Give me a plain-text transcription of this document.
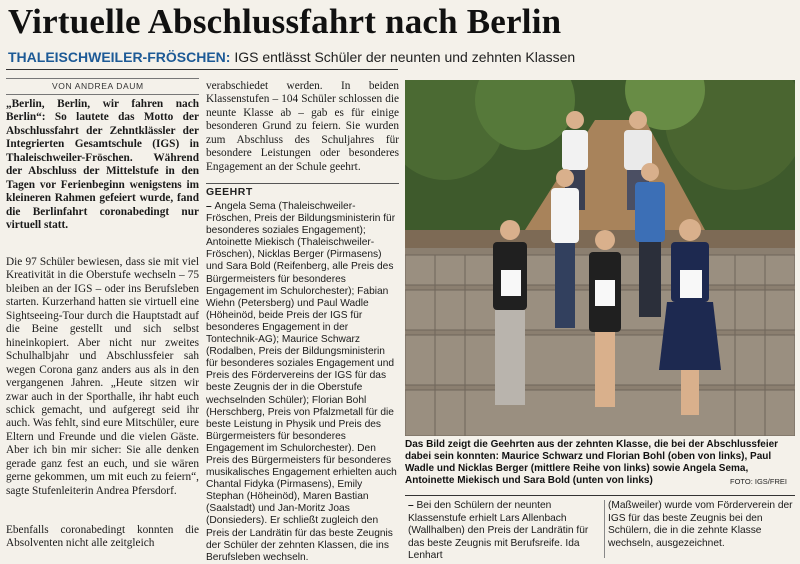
Virtuelle Abschlussfahrt nach Berlin
THALEISCHWEILER-FRÖSCHEN: IGS entlässt Schüler der neunten und zehnten Klassen
VON ANDREA DAUM
„Berlin, Berlin, wir fahren nach Berlin“: So lautete das Motto der Abschlussfahrt der Zehntklässler der Integrierten Gesamtschule (IGS) in Thaleischweiler-Fröschen. Während der Abschluss der Mittelstufe in den Tagen vor Ferienbeginn wenigstens im kleineren Rahmen gefeiert wurde, fand die Berlinfahrt coronabedingt nur virtuell statt.
Die 97 Schüler bewiesen, dass sie mit viel Kreativität in die Oberstufe wechseln – 75 bleiben an der IGS – oder ins Berufsleben starten. Kurzerhand hatten sie virtuell eine Sightseeing-Tour durch die Hauptstadt auf die Beine gestellt und sich selbst hineinkopiert. Aber nicht nur zweites Schulhalbjahr und Abschlussfeier sah wegen Corona ganz anders aus als in den vergangenen Jahren. „Heute sitzen wir zwar auch in der Sporthalle, ihr habt euch schick gemacht, und aufgeregt seid ihr auch. Was fehlt, sind eure Mitschüler, eure Eltern und Freunde und die vielen Gäste. Aber ich bin mir sicher: Sie alle denken gerade ganz fest an euch, und sie wären gerne gekommen, um mit euch zu feiern“, sagte Stufenleiterin Andrea Pfersdorf.
Ebenfalls coronabedingt konnten die Absolventen nicht alle zeitgleich
verabschiedet werden. In beiden Klassenstufen – 104 Schüler schlossen die neunte Klasse ab – gab es für einige besonderen Grund zu feiern. Sie wurden zum Abschluss des Schuljahres für besondere Leistungen oder besonderes Engagement an der Schule geehrt.
GEEHRT
– Angela Sema (Thaleischweiler-Fröschen, Preis der Bildungsministerin für besonderes soziales Engagement); Antoinette Miekisch (Thaleischweiler-Fröschen), Nicklas Berger (Pirmasens) und Sara Bold (Reifenberg, alle Preis des Bürgermeisters für besonderes Engagement im Schulorchester); Fabian Wiehn (Petersberg) und Paul Wadle (Höheinöd, beide Preis der IGS für besonderes Engagement in der Tontechnik-AG); Maurice Schwarz (Rodalben, Preis der Bildungsministerin für besonderes soziales Engagement und Preis des Fördervereins der IGS für das beste Zeugnis der in die Oberstufe wechselnden Schüler); Florian Bohl (Herschberg, Preis von Pfalzmetall für die beste Leistung in Physik und Preis des Bürgermeisters für besonderes Engagement im Schulorchester). Den Preis des Bürgermeisters für besonderes musikalisches Engagement erhielten auch Chantal Fidyka (Pirmasens), Emily Stephan (Höheinöd), Maren Bastian (Saalstadt) und Jan-Moritz Joas (Donsieders). Er schließt zugleich den Preis der Landrätin für das beste Zeugnis der Schüler der zehnten Klassen, die ins Berufsleben wechseln.
Das Bild zeigt die Geehrten aus der zehnten Klasse, die bei der Abschlussfeier dabei sein konnten: Maurice Schwarz und Florian Bohl (oben von links), Paul Wadle und Nicklas Berger (mittlere Reihe von links) sowie Angela Sema, Antoinette Miekisch und Sara Bold (unten von links)	FOTO: IGS/FREI
– Bei den Schülern der neunten Klassenstufe erhielt Lars Allenbach (Wallhalben) den Preis der Landrätin für das beste Zeugnis mit Berufsreife. Ida Lenhart
(Maßweiler) wurde vom Förderverein der IGS für das beste Zeugnis bei den Schülern, die in die zehnte Klasse wechseln, ausgezeichnet.
